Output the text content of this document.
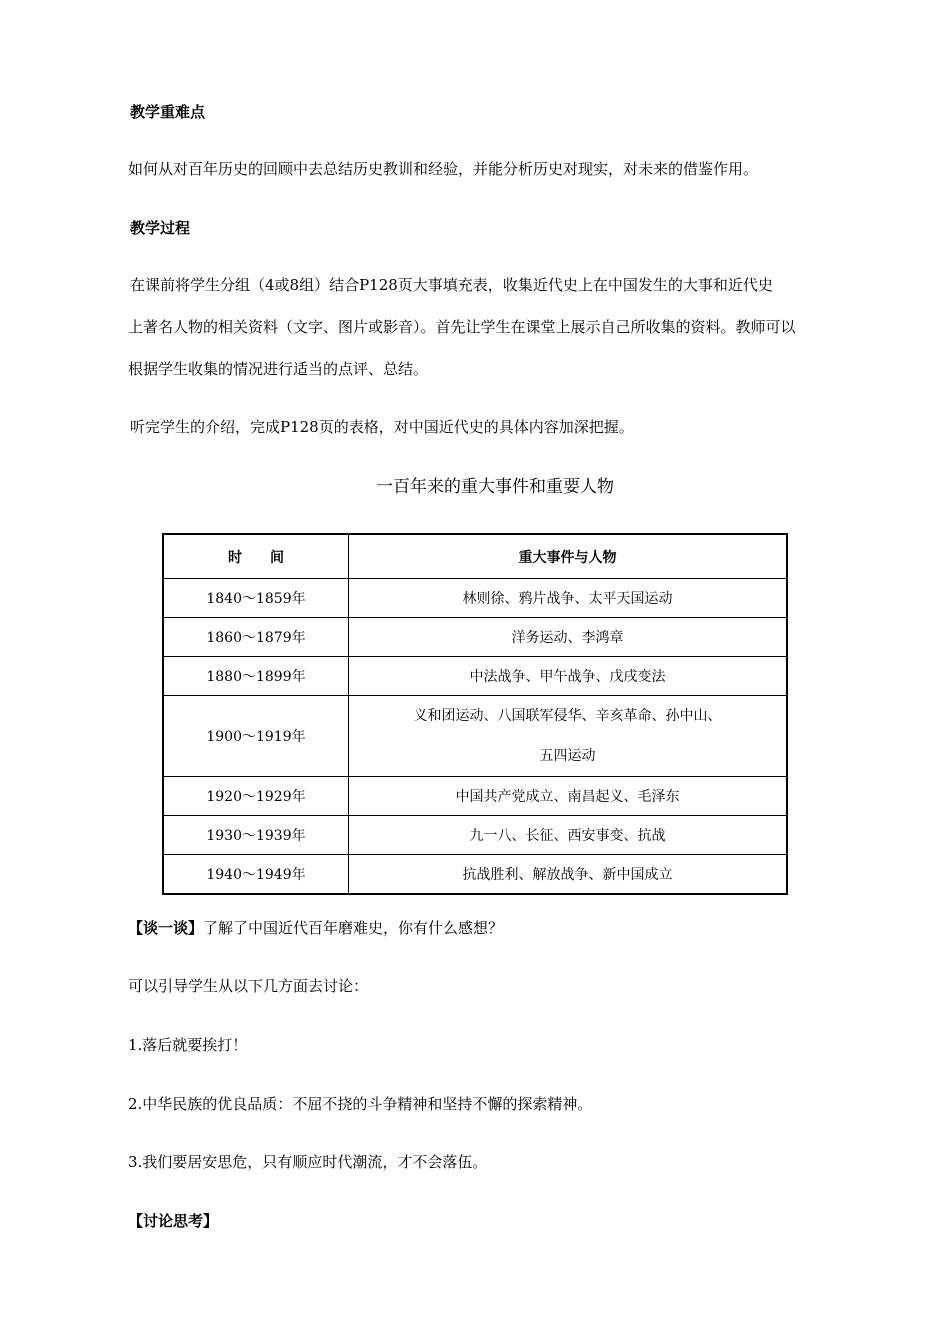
教学重难点
如何从对百年历史的回顾中去总结历史教训和经验，并能分析历史对现实，对未来的借鉴作用。
教学过程
在课前将学生分组（4或8组）结合P128页大事填充表，收集近代史上在中国发生的大事和近代史
上著名人物的相关资料（文字、图片或影音）。首先让学生在课堂上展示自己所收集的资料。教师可以
根据学生收集的情况进行适当的点评、总结。
听完学生的介绍，完成P128页的表格，对中国近代史的具体内容加深把握。
一百年来的重大事件和重要人物
时　　间	重大事件与人物
1840～1859年	林则徐、鸦片战争、太平天国运动
1860～1879年	洋务运动、李鸿章
1880～1899年	中法战争、甲午战争、戊戌变法
1900～1919年	义和团运动、八国联军侵华、辛亥革命、孙中山、
五四运动

1920～1929年	中国共产党成立、南昌起义、毛泽东
1930～1939年	九一八、长征、西安事变、抗战
1940～1949年	抗战胜利、解放战争、新中国成立
【谈一谈】了解了中国近代百年磨难史，你有什么感想？
可以引导学生从以下几方面去讨论：
1.落后就要挨打！
2.中华民族的优良品质：不屈不挠的斗争精神和坚持不懈的探索精神。
3.我们要居安思危，只有顺应时代潮流，才不会落伍。
【讨论思考】
